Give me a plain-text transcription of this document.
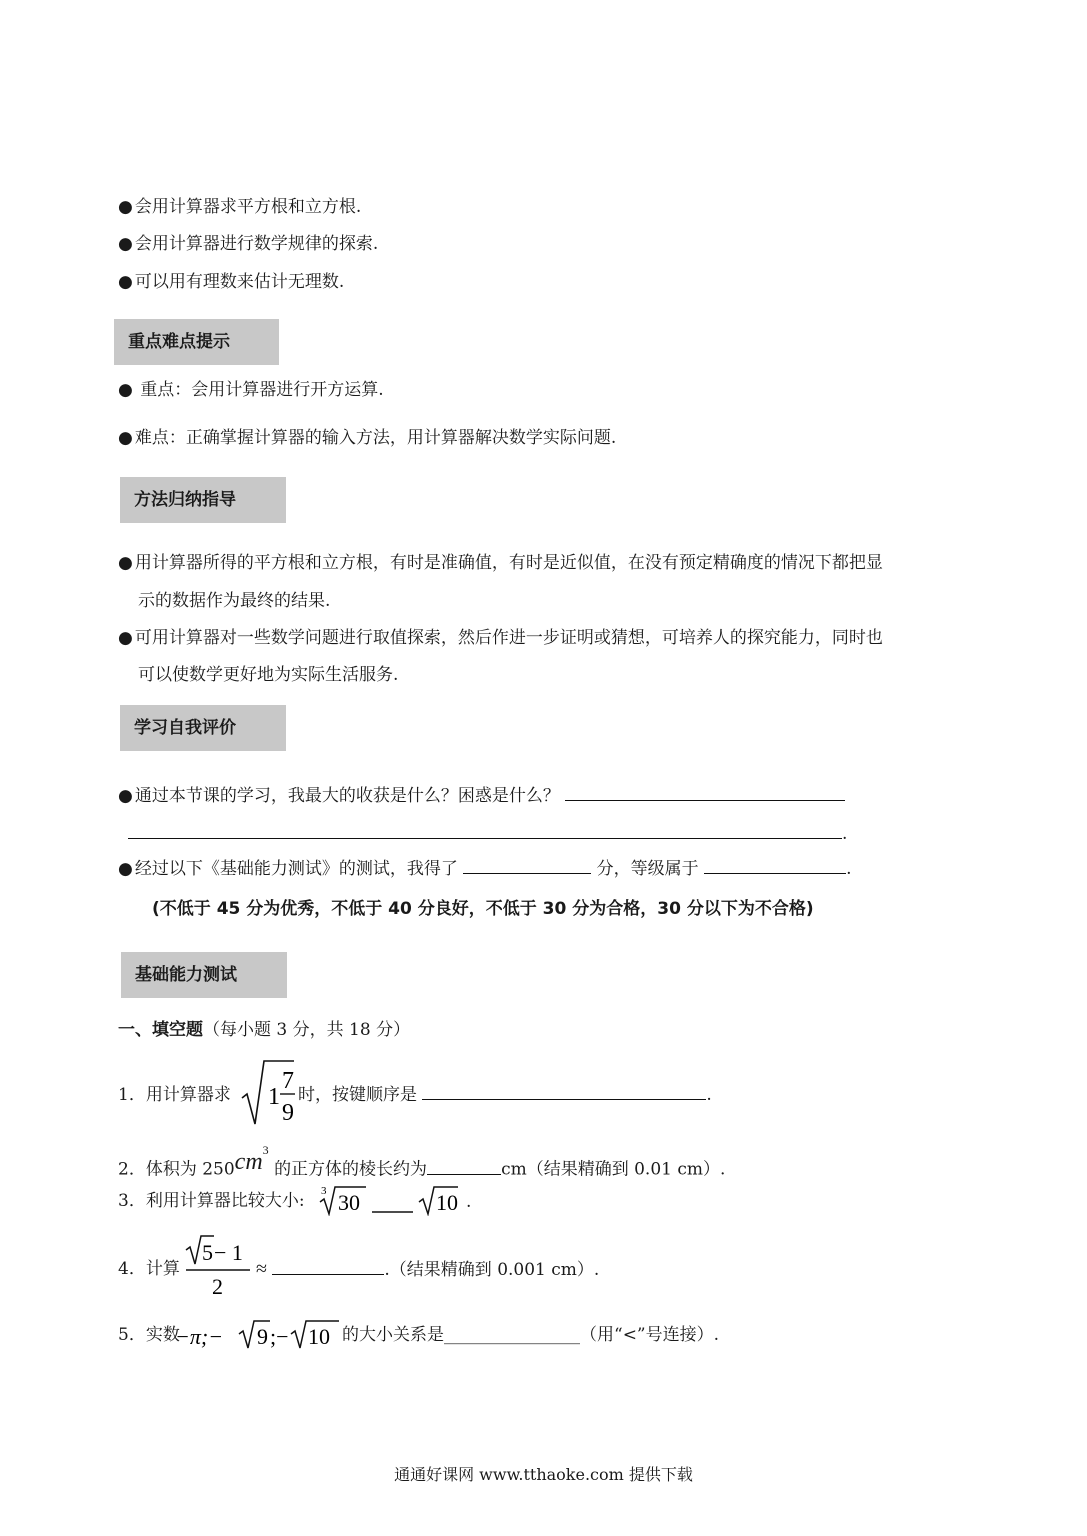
● 会用计算器求平方根和立方根.
● 会用计算器进行数学规律的探索.
● 可以用有理数来估计无理数.
重点难点提示
● 重点：会用计算器进行开方运算.
● 难点：正确掌握计算器的输入方法，用计算器解决数学实际问题.
方法归纳指导
● 用计算器所得的平方根和立方根，有时是准确值，有时是近似值，在没有预定精确度的情况下都把显
示的数据作为最终的结果.
● 可用计算器对一些数学问题进行取值探索，然后作进一步证明或猜想，可培养人的探究能力，同时也
可以使数学更好地为实际生活服务.
学习自我评价
● 通过本节课的学习，我最大的收获是什么？困惑是什么？
.
● 经过以下《基础能力测试》的测试，我得了	分，等级属于	.
(不低于 45 分为优秀，不低于 40 分良好，不低于 30 分为合格，30 分以下为不合格)
基础能力测试
一、填空题（每小题 3 分，共 18 分）
1．用计算器求 1
7
9
时，按键顺序是	.
2．体积为 $250cm^3$ 的正方体的棱长约为	cm（结果精确到 0.01 cm）.
3．利用计算器比较大小: 3 30	10 .
4．计算
5 − 1
2
≈	.（结果精确到 0.001 cm）.
5．实数
−π;− 9 ;− 10 的大小关系是________________（用“<”号连接）.
通通好课网 www.tthaoke.com 提供下载
